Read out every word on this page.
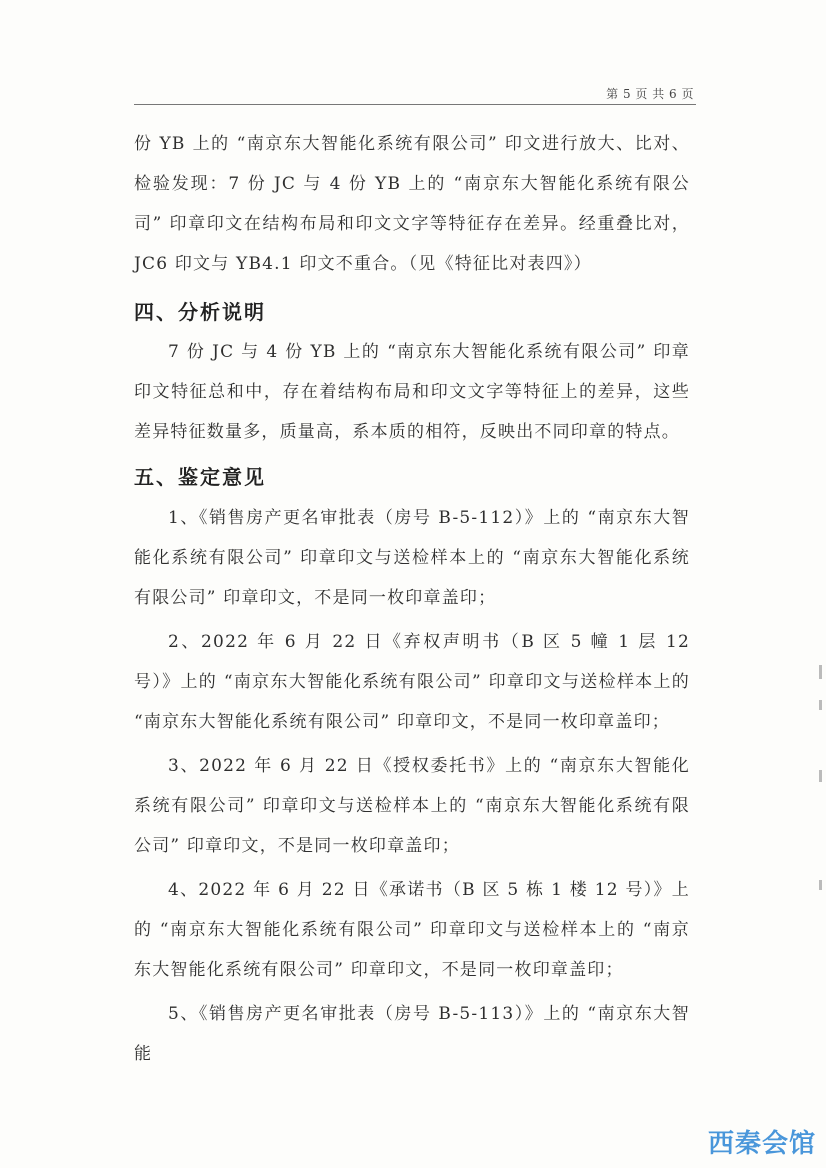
第 5 页 共 6 页

份 YB 上的 “南京东大智能化系统有限公司” 印文进行放大、比对、检验发现：7 份 JC 与 4 份 YB 上的 “南京东大智能化系统有限公司” 印章印文在结构布局和印文文字等特征存在差异。经重叠比对，JC6 印文与 YB4.1 印文不重合。（见《特征比对表四》）

四、分析说明

7 份 JC 与 4 份 YB 上的 “南京东大智能化系统有限公司” 印章印文特征总和中，存在着结构布局和印文文字等特征上的差异，这些差异特征数量多，质量高，系本质的相符，反映出不同印章的特点。

五、鉴定意见

1、《销售房产更名审批表（房号 B-5-112）》上的 “南京东大智能化系统有限公司” 印章印文与送检样本上的 “南京东大智能化系统有限公司” 印章印文，不是同一枚印章盖印；

2、2022 年 6 月 22 日《弃权声明书（B 区 5 幢 1 层 12 号）》上的 “南京东大智能化系统有限公司” 印章印文与送检样本上的 “南京东大智能化系统有限公司” 印章印文，不是同一枚印章盖印；

3、2022 年 6 月 22 日《授权委托书》上的 “南京东大智能化系统有限公司” 印章印文与送检样本上的 “南京东大智能化系统有限公司” 印章印文，不是同一枚印章盖印；

4、2022 年 6 月 22 日《承诺书（B 区 5 栋 1 楼 12 号）》上的 “南京东大智能化系统有限公司” 印章印文与送检样本上的 “南京东大智能化系统有限公司” 印章印文，不是同一枚印章盖印；

5、《销售房产更名审批表（房号 B-5-113）》上的 “南京东大智能

西秦会馆
